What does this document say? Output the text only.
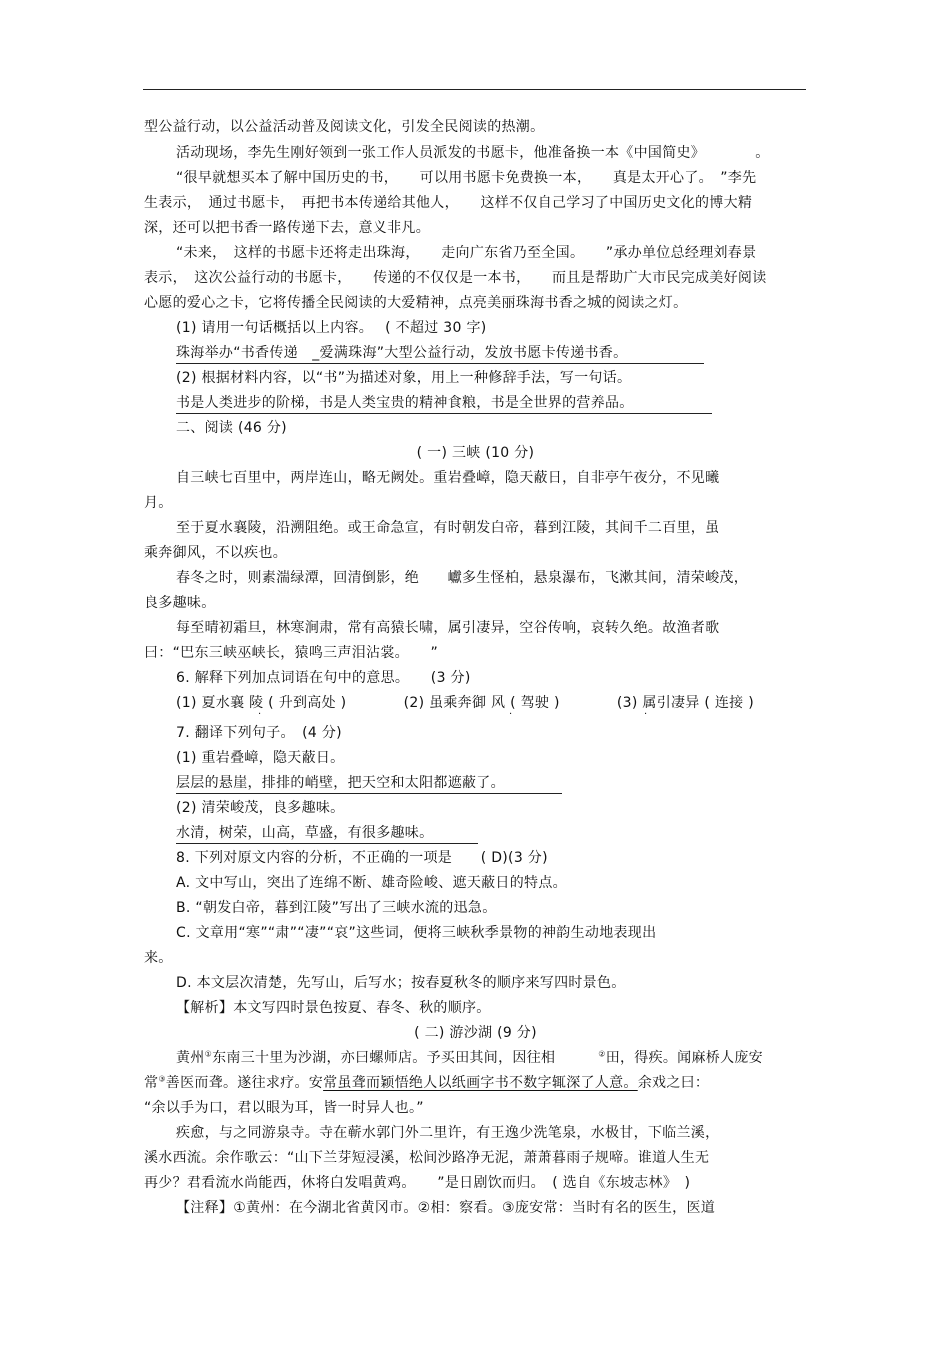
型公益行动，以公益活动普及阅读文化，引发全民阅读的热潮。
活动现场，李先生刚好领到一张工作人员派发的书愿卡，他准备换一本《中国简史》　　　　。
“很早就想买本了解中国历史的书，　　可以用书愿卡免费换一本，　　真是太开心了。　”李先
生表示，　通过书愿卡，　再把书本传递给其他人，　　这样不仅自己学习了中国历史文化的博大精
深，还可以把书香一路传递下去，意义非凡。
“未来，　这样的书愿卡还将走出珠海，　　走向广东省乃至全国。　　”承办单位总经理刘春景
表示，　这次公益行动的书愿卡，　　传递的不仅仅是一本书，　　而且是帮助广大市民完成美好阅读
心愿的爱心之卡，它将传播全民阅读的大爱精神，点亮美丽珠海书香之城的阅读之灯。
(1) 请用一句话概括以上内容。　 ( 不超过 30 字)
珠海举办“书香传递　_爱满珠海”大型公益行动，发放书愿卡传递书香。
(2) 根据材料内容，以“书”为描述对象，用上一种修辞手法，写一句话。
书是人类进步的阶梯，书是人类宝贵的精神食粮，书是全世界的营养品。
二、阅读 (46 分)
( 一) 三峡 (10 分)
自三峡七百里中，两岸连山，略无阙处。重岩叠嶂，隐天蔽日，自非亭午夜分，不见曦
月。
至于夏水襄陵，沿溯阻绝。或王命急宣，有时朝发白帝，暮到江陵，其间千二百里，虽
乘奔御风，不以疾也。
春冬之时，则素湍绿潭，回清倒影，绝　　巘多生怪柏，悬泉瀑布，飞漱其间，清荣峻茂，
良多趣味。
每至晴初霜旦，林寒涧肃，常有高猿长啸，属引凄异，空谷传响，哀转久绝。故渔者歌
曰：“巴东三峡巫峡长，猿鸣三声泪沾裳。　　”
6. 解释下列加点词语在句中的意思。　　(3 分)
(1) 夏水襄 陵 ( 升到高处 )　　　　(2) 虽乘奔御 风 ( 驾驶 )　　　　(3) 属引凄异 ( 连接 )
·	·	·
7. 翻译下列句子。　(4 分)
(1) 重岩叠嶂，隐天蔽日。
层层的悬崖，排排的峭壁，把天空和太阳都遮蔽了。
(2) 清荣峻茂，良多趣味。
水清，树荣，山高，草盛，有很多趣味。
8. 下列对原文内容的分析，不正确的一项是　　( D)(3 分)
A. 文中写山，突出了连绵不断、雄奇险峻、遮天蔽日的特点。
B. “朝发白帝，暮到江陵”写出了三峡水流的迅急。
C. 文章用“寒”“肃”“凄”“哀”这些词，便将三峡秋季景物的神韵生动地表现出
来。
D. 本文层次清楚，先写山，后写水；按春夏秋冬的顺序来写四时景色。
【解析】本文写四时景色按夏、春冬、秋的顺序。
( 二) 游沙湖 (9 分)
黄州①东南三十里为沙湖，亦曰螺师店。予买田其间，因往相　　　②田，得疾。闻麻桥人庞安
常③善医而聋。遂往求疗。安常虽聋而颖悟绝人以纸画字书不数字辄深了人意。余戏之曰：
“余以手为口，君以眼为耳，皆一时异人也。”
疾愈，与之同游泉寺。寺在蕲水郭门外二里许，有王逸少洗笔泉，水极甘，下临兰溪，
溪水西流。余作歌云：“山下兰芽短浸溪，松间沙路净无泥，萧萧暮雨子规啼。谁道人生无
再少？君看流水尚能西，休将白发唱黄鸡。　　”是日剧饮而归。　( 选自《东坡志林》　)
【注释】①黄州：在今湖北省黄冈市。②相：察看。③庞安常：当时有名的医生，医道
